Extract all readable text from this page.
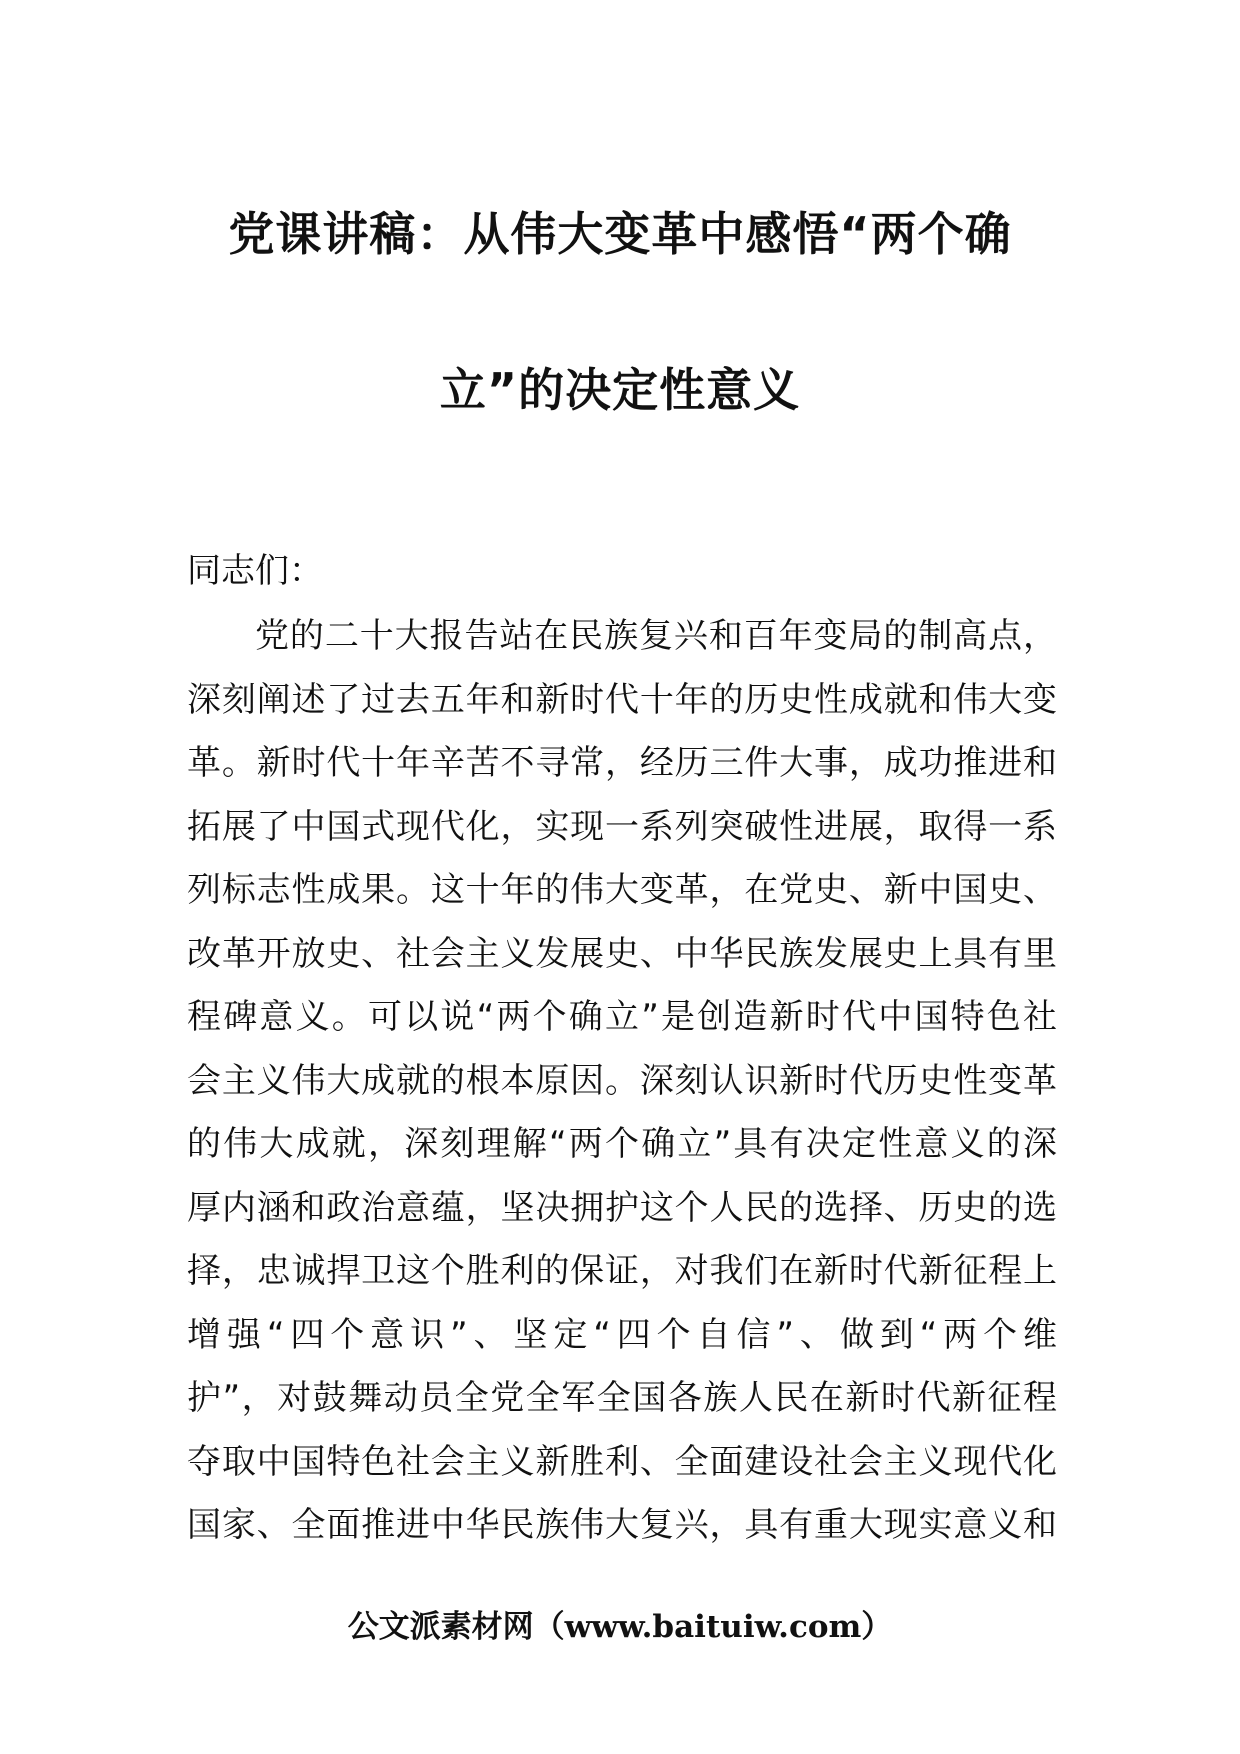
党课讲稿：从伟大变革中感悟“两个确
立”的决定性意义
同志们：
党的二十大报告站在民族复兴和百年变局的制高点，
深刻阐述了过去五年和新时代十年的历史性成就和伟大变
革。新时代十年辛苦不寻常，经历三件大事，成功推进和
拓展了中国式现代化，实现一系列突破性进展，取得一系
列标志性成果。这十年的伟大变革，在党史、新中国史、
改革开放史、社会主义发展史、中华民族发展史上具有里
程碑意义。可以说“两个确立”是创造新时代中国特色社
会主义伟大成就的根本原因。深刻认识新时代历史性变革
的伟大成就，深刻理解“两个确立”具有决定性意义的深
厚内涵和政治意蕴，坚决拥护这个人民的选择、历史的选
择，忠诚捍卫这个胜利的保证，对我们在新时代新征程上
增强“四个意识”、坚定“四个自信”、做到“两个维
护”，对鼓舞动员全党全军全国各族人民在新时代新征程
夺取中国特色社会主义新胜利、全面建设社会主义现代化
国家、全面推进中华民族伟大复兴，具有重大现实意义和
公文派素材网（www.baituiw.com）
